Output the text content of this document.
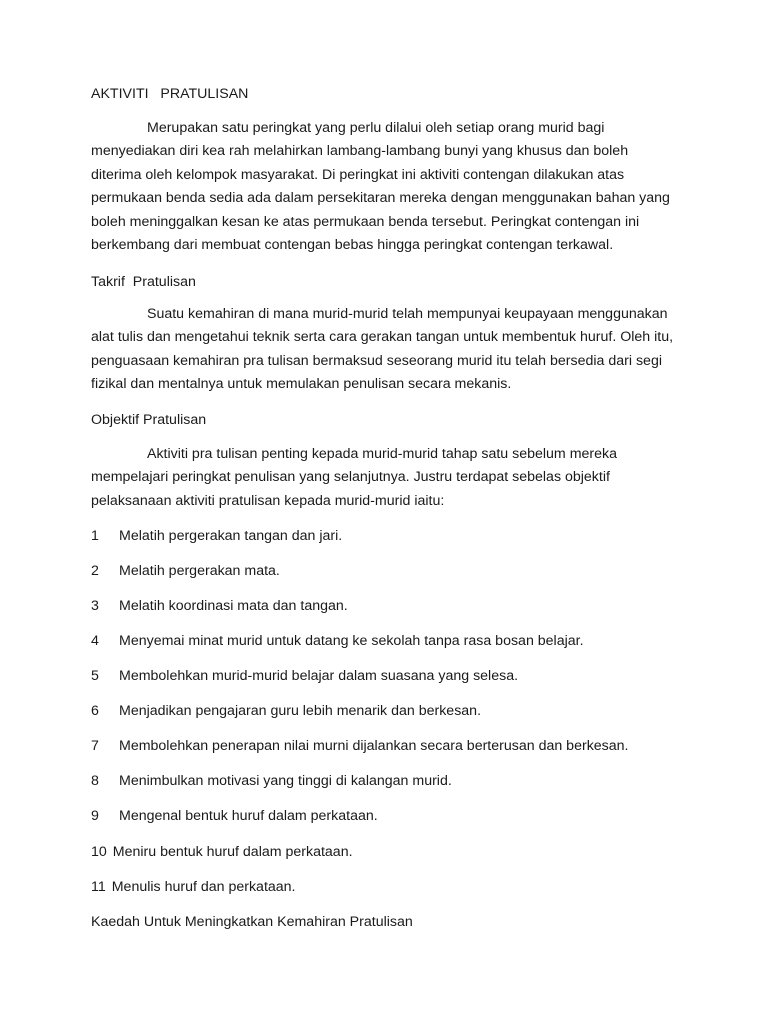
AKTIVITI   PRATULISAN
Merupakan satu peringkat yang perlu dilalui oleh setiap orang murid bagi
menyediakan diri kea rah melahirkan lambang-lambang bunyi yang khusus dan boleh
diterima oleh kelompok masyarakat. Di peringkat ini aktiviti contengan dilakukan atas
permukaan benda sedia ada dalam persekitaran mereka dengan menggunakan bahan yang
boleh meninggalkan kesan ke atas permukaan benda tersebut. Peringkat contengan ini
berkembang dari membuat contengan bebas hingga peringkat contengan terkawal.
Takrif  Pratulisan
Suatu kemahiran di mana murid-murid telah mempunyai keupayaan menggunakan
alat tulis dan mengetahui teknik serta cara gerakan tangan untuk membentuk huruf. Oleh itu,
penguasaan kemahiran pra tulisan bermaksud seseorang murid itu telah bersedia dari segi
fizikal dan mentalnya untuk memulakan penulisan secara mekanis.
Objektif Pratulisan
Aktiviti pra tulisan penting kepada murid-murid tahap satu sebelum mereka
mempelajari peringkat penulisan yang selanjutnya. Justru terdapat sebelas objektif
pelaksanaan aktiviti pratulisan kepada murid-murid iaitu:
1 Melatih pergerakan tangan dan jari.
2 Melatih pergerakan mata.
3 Melatih koordinasi mata dan tangan.
4 Menyemai minat murid untuk datang ke sekolah tanpa rasa bosan belajar.
5 Membolehkan murid-murid belajar dalam suasana yang selesa.
6 Menjadikan pengajaran guru lebih menarik dan berkesan.
7 Membolehkan penerapan nilai murni dijalankan secara berterusan dan berkesan.
8 Menimbulkan motivasi yang tinggi di kalangan murid.
9 Mengenal bentuk huruf dalam perkataan.
10 Meniru bentuk huruf dalam perkataan.
11 Menulis huruf dan perkataan.
Kaedah Untuk Meningkatkan Kemahiran Pratulisan
